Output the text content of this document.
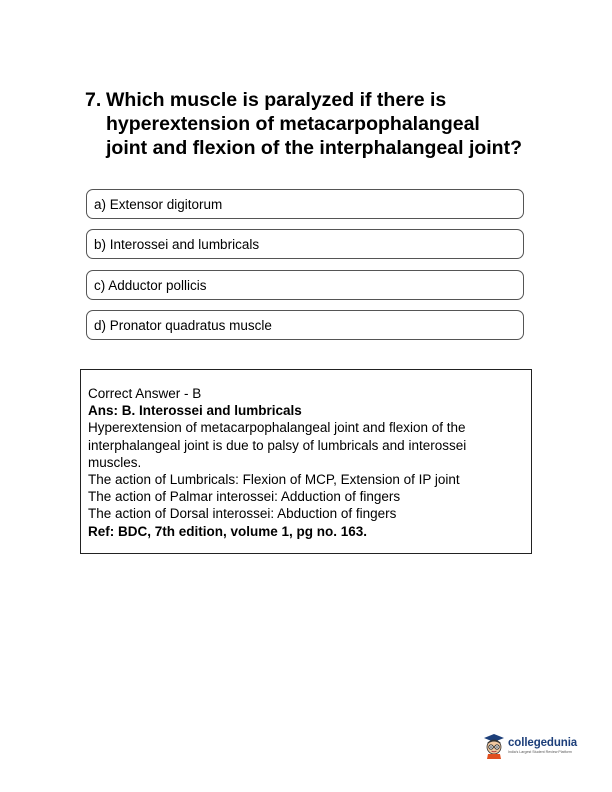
7. Which muscle is paralyzed if there is hyperextension of metacarpophalangeal joint and flexion of the interphalangeal joint?
a) Extensor digitorum
b) Interossei and lumbricals
c) Adductor pollicis
d) Pronator quadratus muscle

Correct Answer - B

Ans: B. Interossei and lumbricals

Hyperextension of metacarpophalangeal joint and flexion of the interphalangeal joint is due to palsy of lumbricals and interossei muscles.

The action of Lumbricals: Flexion of MCP, Extension of IP joint

The action of Palmar interossei: Adduction of fingers

The action of Dorsal interossei: Abduction of fingers

Ref: BDC, 7th edition, volume 1, pg no. 163.

collegedunia
India's Largest Student Review Platform
